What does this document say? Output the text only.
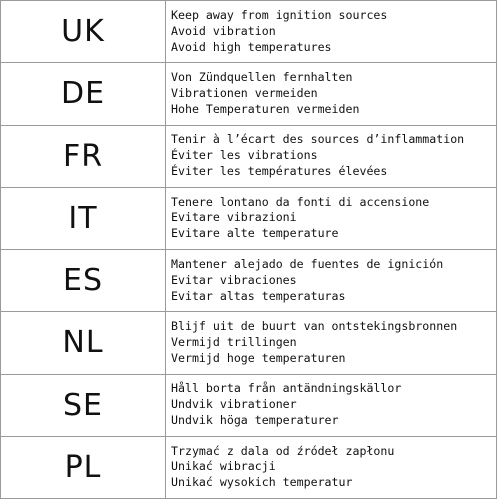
UK	Keep away from ignition sources
Avoid vibration
Avoid high temperatures

DE	Von Zündquellen fernhalten
Vibrationen vermeiden
Hohe Temperaturen vermeiden

FR	Tenir à l’écart des sources d’inflammation
Éviter les vibrations
Éviter les températures élevées

IT	Tenere lontano da fonti di accensione
Evitare vibrazioni
Evitare alte temperature

ES	Mantener alejado de fuentes de ignición
Evitar vibraciones
Evitar altas temperaturas

NL	Blijf uit de buurt van ontstekingsbronnen
Vermijd trillingen
Vermijd hoge temperaturen

SE	Håll borta från antändningskällor
Undvik vibrationer
Undvik höga temperaturer

PL	Trzymać z dala od źródeł zapłonu
Unikać wibracji
Unikać wysokich temperatur
